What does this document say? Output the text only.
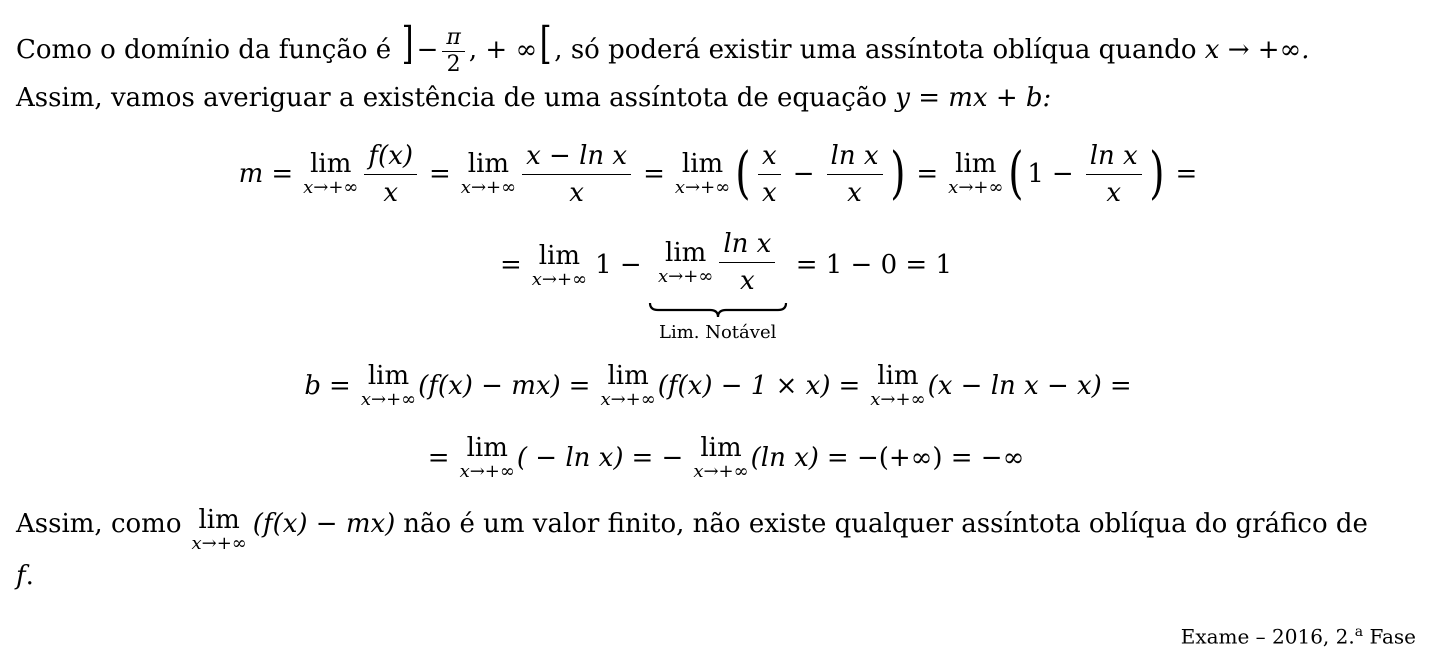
Como o domínio da função é ]− $\frac{\pi}{2}$ , + ∞[, só poderá existir uma assíntota oblíqua quando x → +∞.
Assim, vamos averiguar a existência de uma assíntota de equação y = mx + b:
m = lim
$x\to+\infty \frac{f(x)}{x} = \lim$
$x\to+\infty \frac{\text{x − ln x}}{x} = \lim$
x→+∞ ( $\frac{x}{x} - \frac{\text{ln x}}{x}$ ) = lim
x→+∞ ( $1 - \frac{\text{ln x}}{x}$ ) =
= lim
x→+∞ 1 − lim
$x\to+\infty \frac{\text{ln x}}{x}$
Lim. Notável
= 1 − 0 = 1
b = lim
x→+∞ (f(x) − mx) = lim
x→+∞ (f(x) − 1 × x) = lim
x→+∞ (x − ln x − x) =
= lim
x→+∞ ( − ln x) = − lim
x→+∞ (ln x) = −(+∞) = −∞
Assim, como lim
x→+∞
(f(x) − mx) não é um valor finito, não existe qualquer assíntota oblíqua do gráfico de
f.
Exame – 2016, 2.$^a$ Fase
